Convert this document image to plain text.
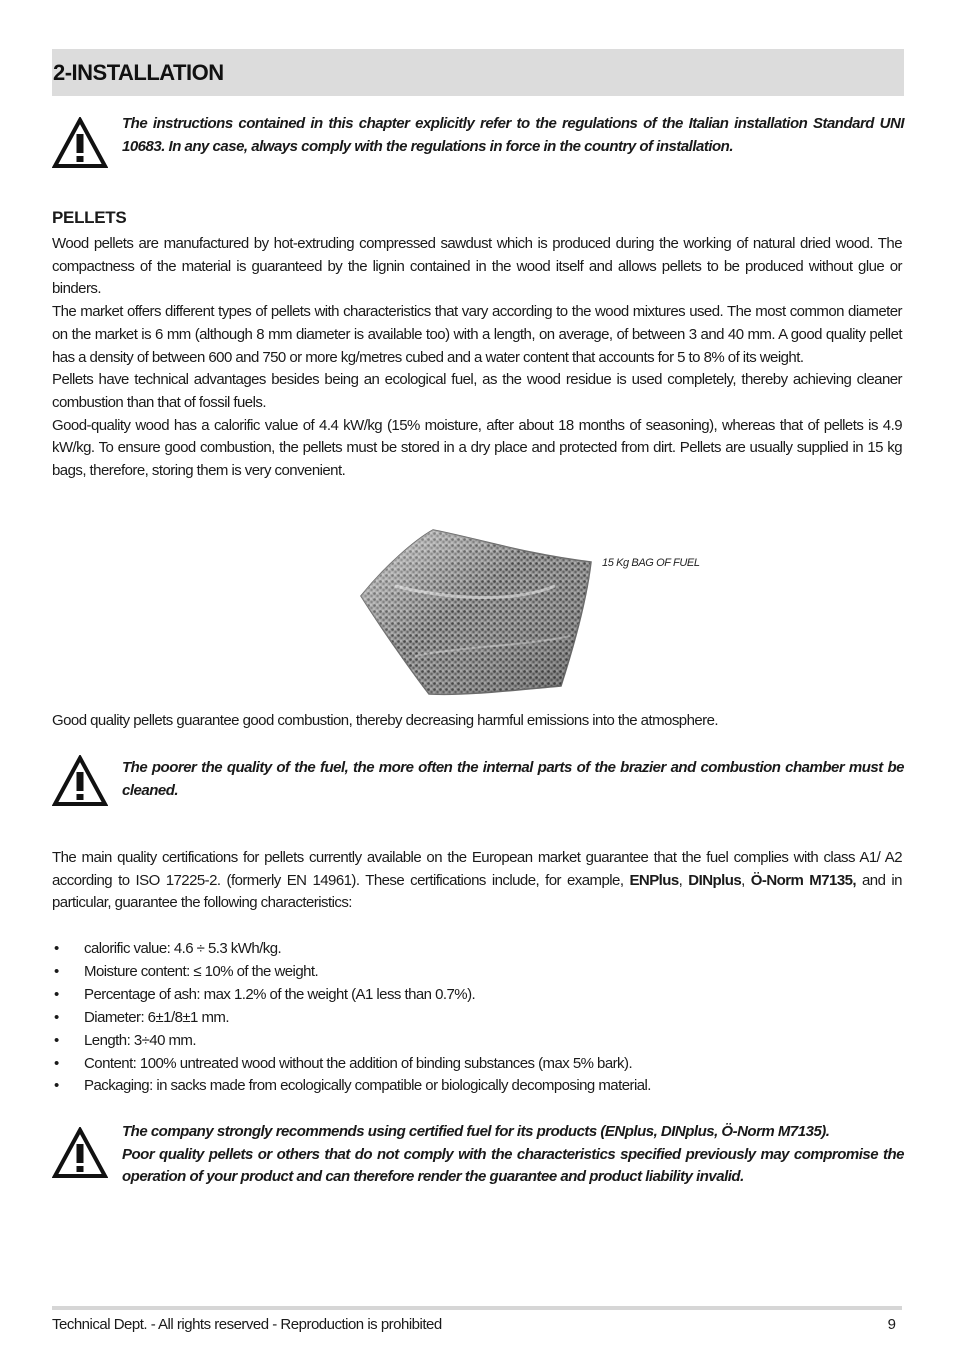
2-INSTALLATION
The instructions contained in this chapter explicitly refer to the regulations of the Italian installation Standard UNI 10683. In any case, always comply with the regulations in force in the country of installation.
PELLETS

Wood pellets are manufactured by hot-extruding compressed sawdust which is produced during the working of natural dried wood. The compactness of the material is guaranteed by the lignin contained in the wood itself and allows pellets to be produced without glue or binders.

The market offers different types of pellets with characteristics that vary according to the wood mixtures used. The most common diameter on the market is 6 mm (although 8 mm diameter is available too) with a length, on average, of between 3 and 40 mm. A good quality pellet has a density of between 600 and 750 or more kg/metres cubed and a water content that accounts for 5 to 8% of its weight.

Pellets have technical advantages besides being an ecological fuel, as the wood residue is used completely, thereby achieving cleaner combustion than that of fossil fuels.

Good-quality wood has a calorific value of 4.4 kW/kg (15% moisture, after about 18 months of seasoning), whereas that of pellets is 4.9 kW/kg. To ensure good combustion, the pellets must be stored in a dry place and protected from dirt. Pellets are usually supplied in 15 kg bags, therefore, storing them is very convenient.

15 Kg BAG OF FUEL
Good quality pellets guarantee good combustion, thereby decreasing harmful emissions into the atmosphere.
The poorer the quality of the fuel, the more often the internal parts of the brazier and combustion chamber must be cleaned.
The main quality certifications for pellets currently available on the European market guarantee that the fuel complies with class A1/ A2 according to ISO 17225-2. (formerly EN 14961). These certifications include, for example, ENPlus, DINplus, Ö-Norm M7135, and in particular, guarantee the following characteristics:
• calorific value: 4.6 ÷ 5.3 kWh/kg.
• Moisture content: ≤ 10% of the weight.
• Percentage of ash: max 1.2% of the weight (A1 less than 0.7%).
• Diameter: 6±1/8±1 mm.
• Length: 3÷40 mm.
• Content: 100% untreated wood without the addition of binding substances (max 5% bark).
• Packaging: in sacks made from ecologically compatible or biologically decomposing material.
The company strongly recommends using certified fuel for its products (ENplus, DINplus, Ö-Norm M7135).
Poor quality pellets or others that do not comply with the characteristics specified previously may compromise the operation of your product and can therefore render the guarantee and product liability invalid.
Technical Dept. - All rights reserved - Reproduction is prohibited	9
